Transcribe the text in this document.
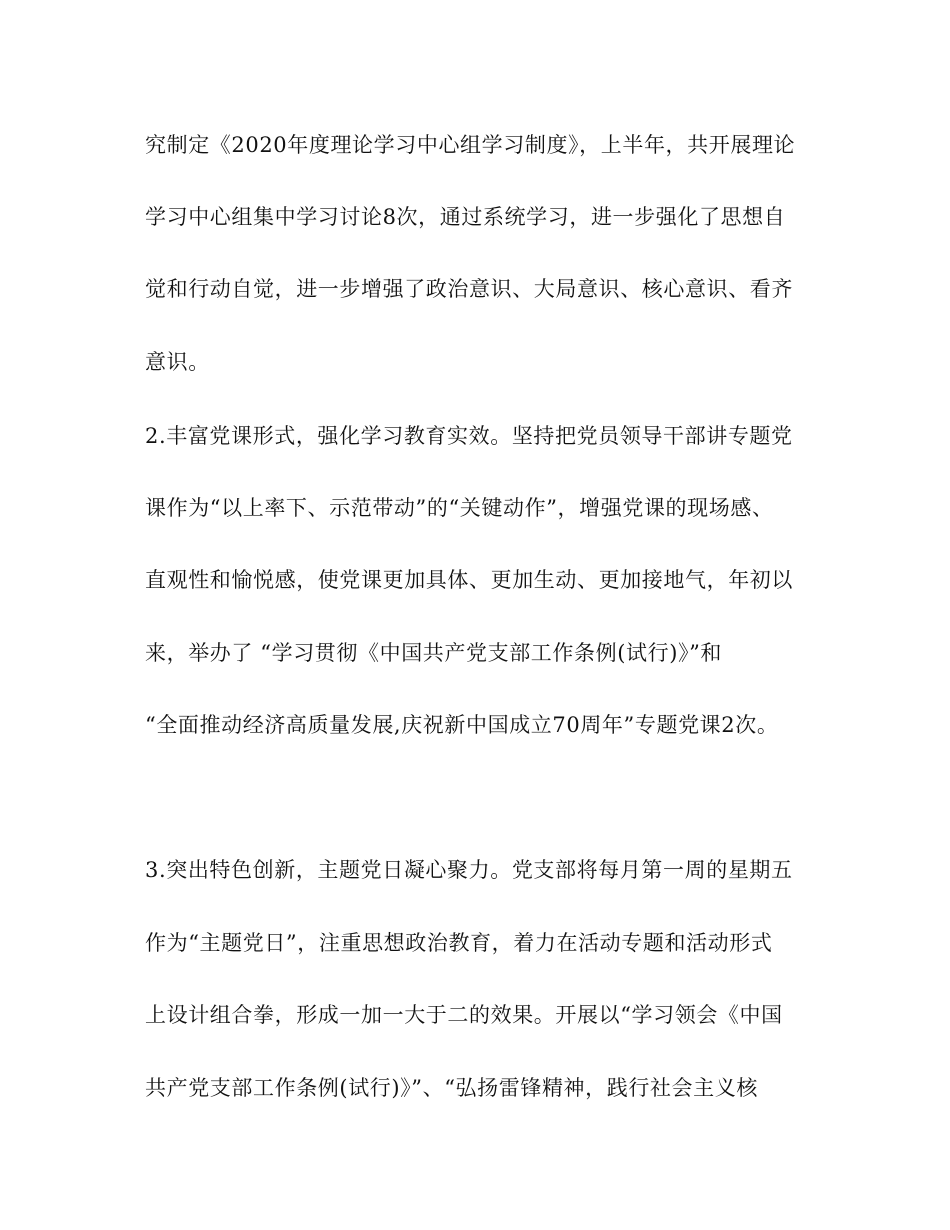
究制定《2020年度理论学习中心组学习制度》，上半年，共开展理论
学习中心组集中学习讨论8次，通过系统学习，进一步强化了思想自
觉和行动自觉，进一步增强了政治意识、大局意识、核心意识、看齐
意识。
2.丰富党课形式，强化学习教育实效。坚持把党员领导干部讲专题党
课作为“以上率下、示范带动”的“关键动作”，增强党课的现场感、
直观性和愉悦感，使党课更加具体、更加生动、更加接地气，年初以
来，举办了 “学习贯彻《中国共产党支部工作条例(试行)》”和
“全面推动经济高质量发展,庆祝新中国成立70周年”专题党课2次。
3.突出特色创新，主题党日凝心聚力。党支部将每月第一周的星期五
作为“主题党日”，注重思想政治教育，着力在活动专题和活动形式
上设计组合拳，形成一加一大于二的效果。开展以“学习领会《中国
共产党支部工作条例(试行)》”、“弘扬雷锋精神，践行社会主义核
